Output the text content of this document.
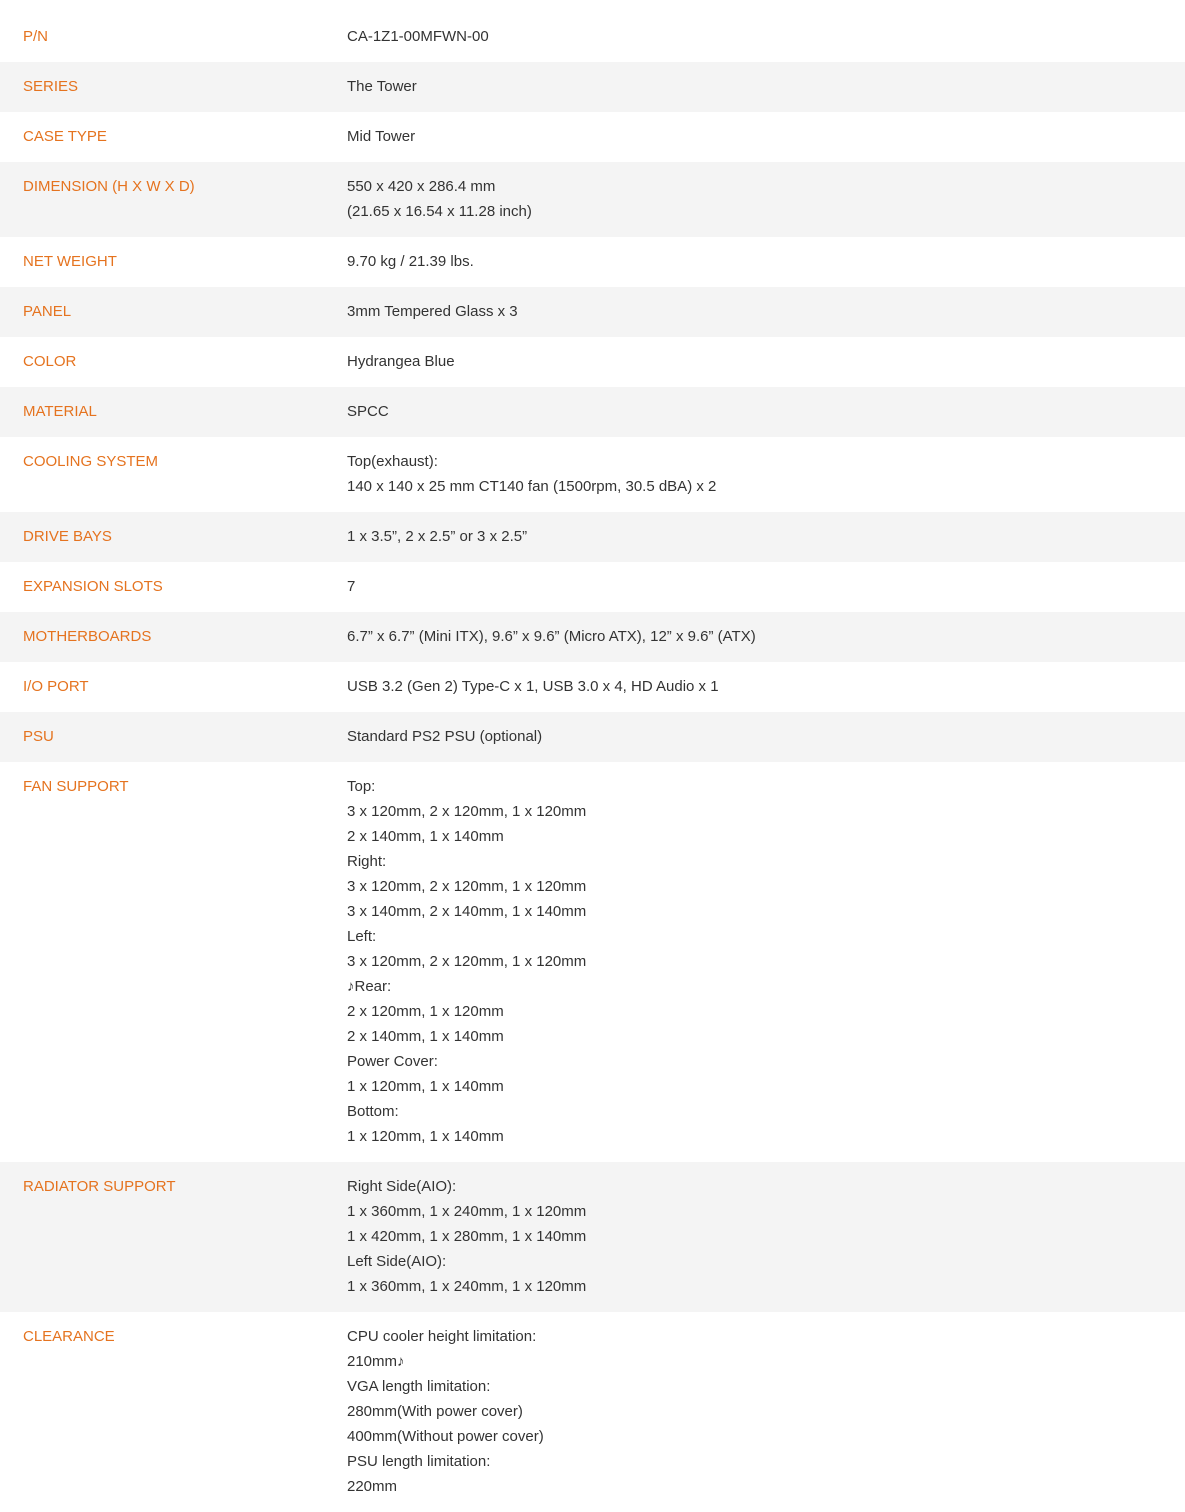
P/N	CA-1Z1-00MFWN-00
SERIES	The Tower
CASE TYPE	Mid Tower
DIMENSION (H X W X D)	550 x 420 x 286.4 mm
(21.65 x 16.54 x 11.28 inch)
NET WEIGHT	9.70 kg / 21.39 lbs.
PANEL	3mm Tempered Glass x 3
COLOR	Hydrangea Blue
MATERIAL	SPCC
COOLING SYSTEM	Top(exhaust):
140 x 140 x 25 mm CT140 fan (1500rpm, 30.5 dBA) x 2
DRIVE BAYS	1 x 3.5”, 2 x 2.5” or 3 x 2.5”
EXPANSION SLOTS	7
MOTHERBOARDS	6.7” x 6.7” (Mini ITX), 9.6” x 9.6” (Micro ATX), 12” x 9.6” (ATX)
I/O PORT	USB 3.2 (Gen 2) Type-C x 1, USB 3.0 x 4, HD Audio x 1
PSU	Standard PS2 PSU (optional)
FAN SUPPORT	Top:
3 x 120mm, 2 x 120mm, 1 x 120mm
2 x 140mm, 1 x 140mm
Right:
3 x 120mm, 2 x 120mm, 1 x 120mm
3 x 140mm, 2 x 140mm, 1 x 140mm
Left:
3 x 120mm, 2 x 120mm, 1 x 120mm
♪Rear:
2 x 120mm, 1 x 120mm
2 x 140mm, 1 x 140mm
Power Cover:
1 x 120mm, 1 x 140mm
Bottom:
1 x 120mm, 1 x 140mm
RADIATOR SUPPORT	Right Side(AIO):
1 x 360mm, 1 x 240mm, 1 x 120mm
1 x 420mm, 1 x 280mm, 1 x 140mm
Left Side(AIO):
1 x 360mm, 1 x 240mm, 1 x 120mm
CLEARANCE	CPU cooler height limitation:
210mm♪
VGA length limitation:
280mm(With power cover)
400mm(Without power cover)
PSU length limitation:
220mm
